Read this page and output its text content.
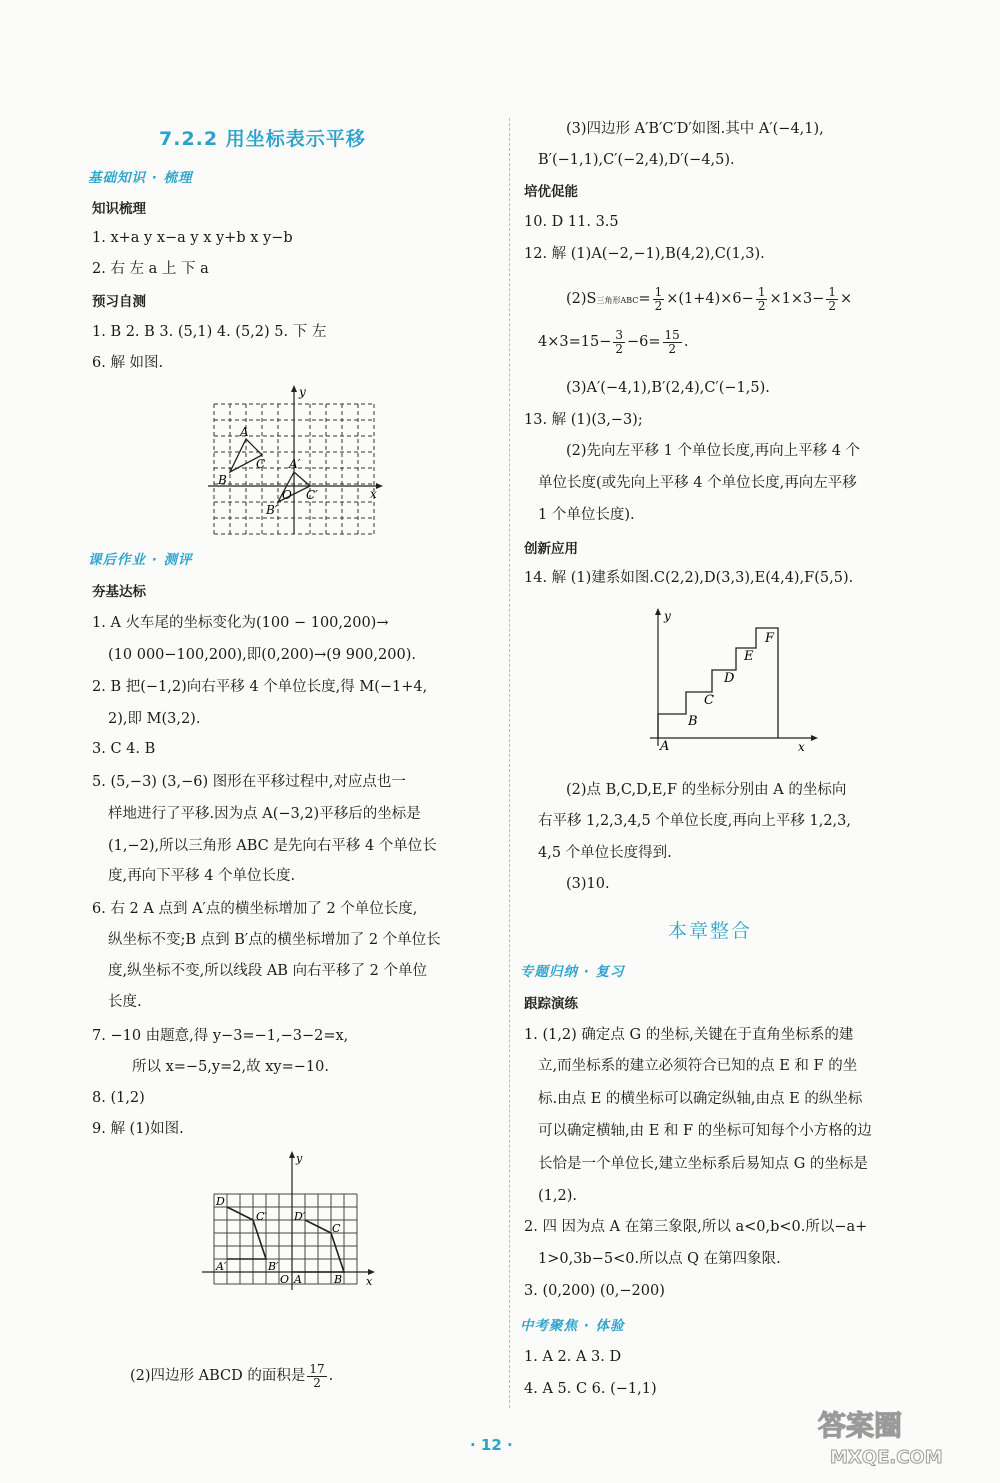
7.2.2 用坐标表示平移
基础知识 · 梳理
知识梳理
1. x+a y x−a y x y+b x y−b
2. 右 左 a 上 下 a
预习自测
1. B 2. B 3. (5,1) 4. (5,2) 5. 下 左
6. 解 如图.
y
A
C A′
B
O C′
B′
x
课后作业 · 测评
夯基达标
1. A 火车尾的坐标变化为(100 − 100,200)→
(10 000−100,200),即(0,200)→(9 900,200).
2. B 把(−1,2)向右平移 4 个单位长度,得 M(−1+4,
2),即 M(3,2).
3. C 4. B
5. (5,−3) (3,−6) 图形在平移过程中,对应点也一
样地进行了平移.因为点 A(−3,2)平移后的坐标是
(1,−2),所以三角形 ABC 是先向右平移 4 个单位长
度,再向下平移 4 个单位长度.
6. 右 2 A 点到 A′点的横坐标增加了 2 个单位长度,
纵坐标不变;B 点到 B′点的横坐标增加了 2 个单位长
度,纵坐标不变,所以线段 AB 向右平移了 2 个单位
长度.
7. −10 由题意,得 y−3=−1,−3−2=x,
所以 x=−5,y=2,故 xy=−10.
8. (1,2)
9. 解 (1)如图.
y
D
C′ D′
C
A′	B′
O A	B x
(2)四边形 ABCD 的面积是 $\frac{17}{2}$ .
(3)四边形 A′B′C′D′如图.其中 A′(−4,1),
B′(−1,1),C′(−2,4),D′(−4,5).
培优促能
10. D 11. 3.5
12. 解 (1)A(−2,−1),B(4,2),C(1,3).
(2)S三角形$ABC= \frac{1}{2} \times(1+4)\times 6- \frac{1}{2} \times 1\times 3- \frac{1}{2}$ ×
$4\times 3=15- \frac{3}{2} -6= \frac{15}{2}$ .
(3)A′(−4,1),B′(2,4),C′(−1,5).
13. 解 (1)(3,−3);
(2)先向左平移 1 个单位长度,再向上平移 4 个
单位长度(或先向上平移 4 个单位长度,再向左平移
1 个单位长度).
创新应用
14. 解 (1)建系如图.C(2,2),D(3,3),E(4,4),F(5,5).
y
F
E
D
C
B
A	x
(2)点 B,C,D,E,F 的坐标分别由 A 的坐标向
右平移 1,2,3,4,5 个单位长度,再向上平移 1,2,3,
4,5 个单位长度得到.
(3)10.
本章整合
专题归纳 · 复习
跟踪演练
1. (1,2) 确定点 G 的坐标,关键在于直角坐标系的建
立,而坐标系的建立必须符合已知的点 E 和 F 的坐
标.由点 E 的横坐标可以确定纵轴,由点 E 的纵坐标
可以确定横轴,由 E 和 F 的坐标可知每个小方格的边
长恰是一个单位长,建立坐标系后易知点 G 的坐标是
(1,2).
2. 四 因为点 A 在第三象限,所以 a<0,b<0.所以−a+
1>0,3b−5<0.所以点 Q 在第四象限.
3. (0,200) (0,−200)
中考聚焦 · 体验
1. A 2. A 3. D
4. A 5. C 6. (−1,1)
· 12 ·
答案圈
MXQE.COM
